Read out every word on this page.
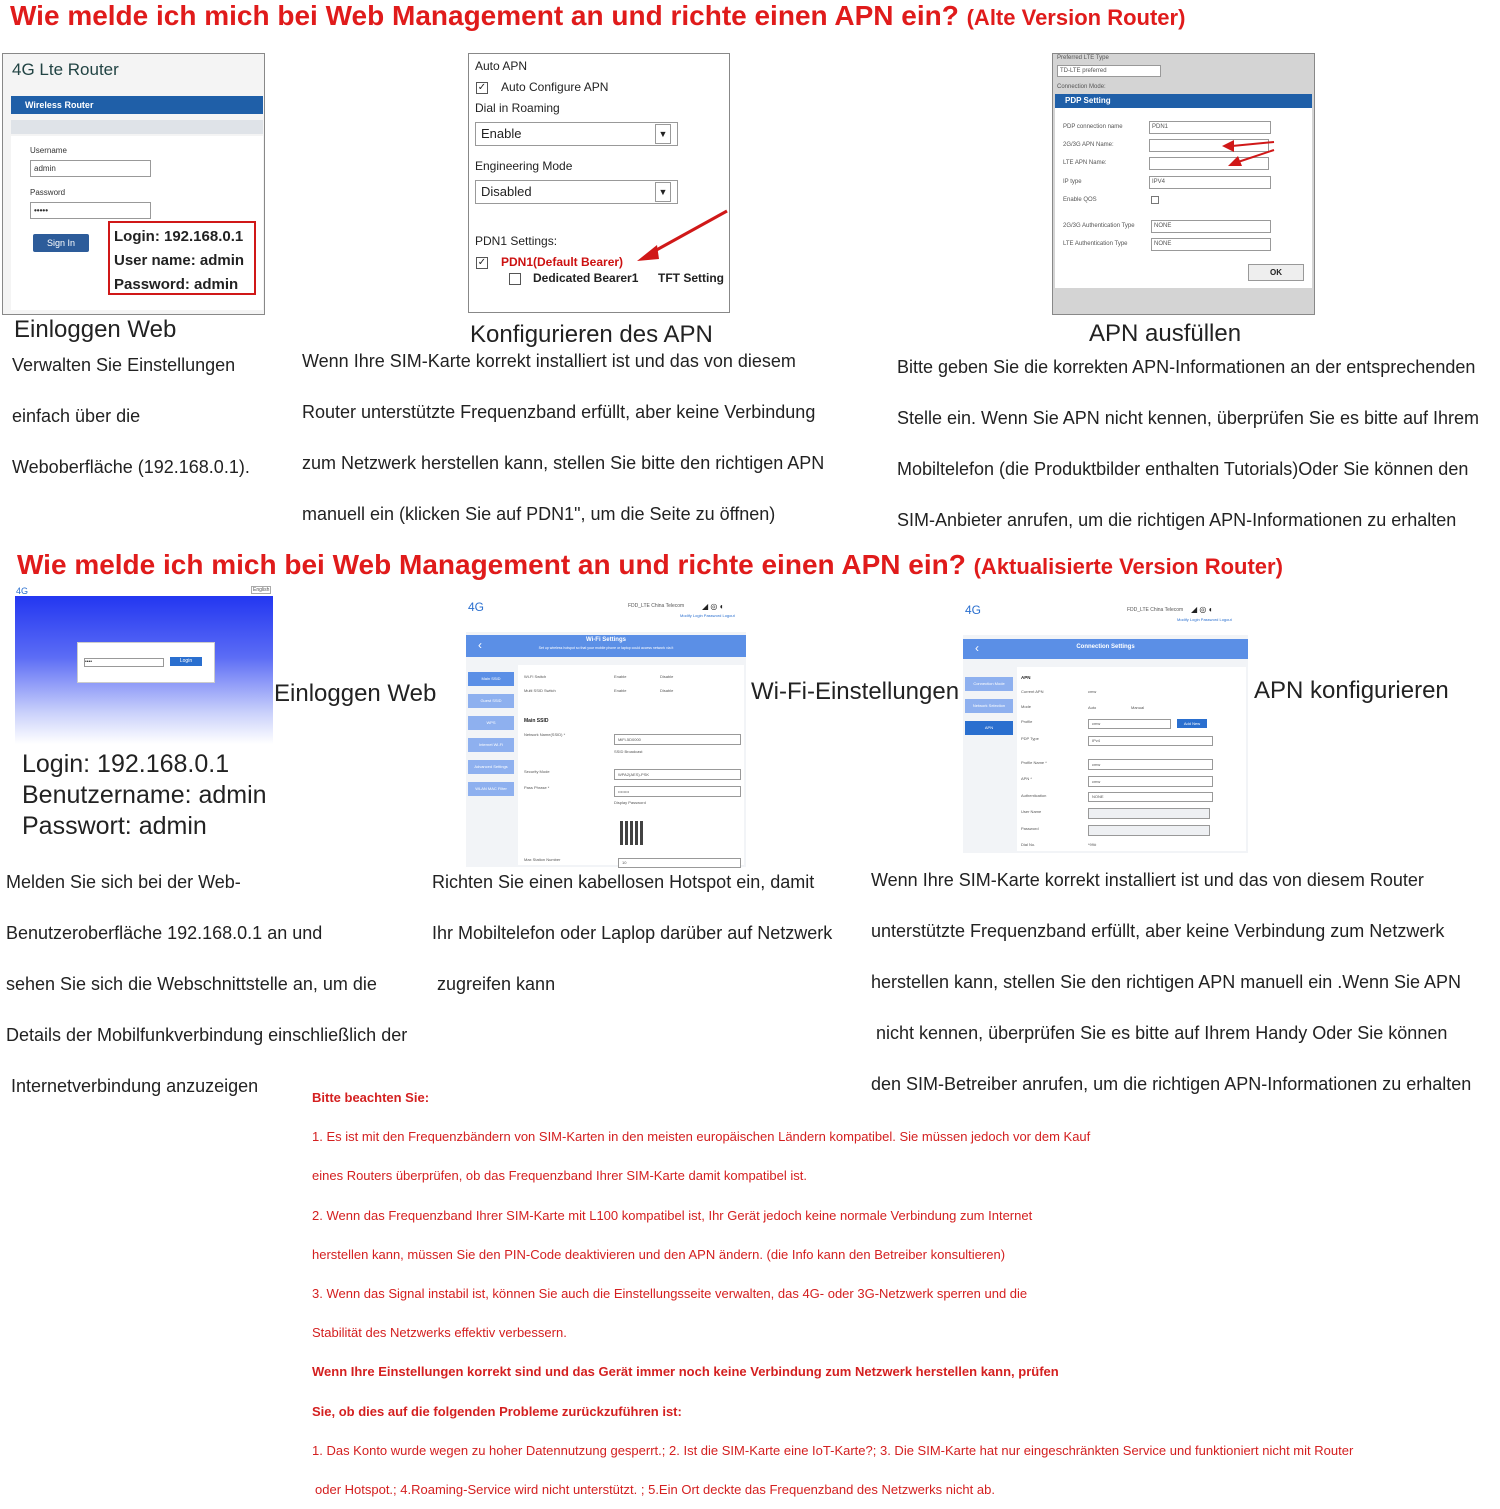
Wie melde ich mich bei Web Management an und richte einen APN ein? (Alte Version Router)
4G Lte Router
Wireless Router
Username
admin
Password
•••••
Sign In	Login: 192.168.0.1
User name: admin
Password: admin
Einloggen Web
Verwalten Sie Einstellungen
einfach über die
Weboberfläche (192.168.0.1).
Auto APN
✓ Auto Configure APN
Dial in Roaming
Enable	▼
Engineering Mode
Disabled	▼
PDN1 Settings:
✓ PDN1(Default Bearer)
Dedicated Bearer1 TFT Setting
Konfigurieren des APN
Wenn Ihre SIM-Karte korrekt installiert ist und das von diesem
Router unterstützte Frequenzband erfüllt, aber keine Verbindung
zum Netzwerk herstellen kann, stellen Sie bitte den richtigen APN
manuell ein (klicken Sie auf PDN1", um die Seite zu öffnen)
Preferred LTE Type
TD-LTE preferred
Connection Mode:
PDP Setting
PDP connection name	PDN1
2G/3G APN Name:
LTE APN Name:
IP type	IPV4
Enable QOS
2G/3G Authentication Type	NONE
LTE Authentication Type	NONE
OK
APN ausfüllen
Bitte geben Sie die korrekten APN-Informationen an der entsprechenden
Stelle ein. Wenn Sie APN nicht kennen, überprüfen Sie es bitte auf Ihrem
Mobiltelefon (die Produktbilder enthalten Tutorials)Oder Sie können den
SIM-Anbieter anrufen, um die richtigen APN-Informationen zu erhalten
Wie melde ich mich bei Web Management an und richte einen APN ein? (Aktualisierte Version Router)
4G	English
••••	Login
Einloggen Web
Login: 192.168.0.1
Benutzername: admin
Passwort: admin
4G	FDD_LTE China Telecom ◢ ◎ ◐
Modify Login Password Logout
‹	Wi-Fi Settings
Set up wireless hotspot so that your mobile phone or laptop could access network via it
Main SSID
Guest SSID
WPS
Internet Wi-Fi
Advanced Settings
WLAN MAC Filter
Wi-Fi Switch	Enable	Disable
Multi SSID Switch	Enable	Disable
Main SSID
Network Name(SSID) *
MiFi-5D0000
SSID Broadcast
Security Mode
WPA2(AES)-PSK
Pass Phrase *
••••••••
Display Password
Max Station Number
10
Wi-Fi-Einstellungen
4G	FDD_LTE China Telecom ◢ ◎ ◐
Modify Login Password Logout
‹	Connection Settings
Connection Mode
Network Selection
APN
APN
Current APN	cmw
Mode	Auto	Manual
Profile	cmw	Add New
PDP Type	IPv4
Profile Name *	cmw
APN *
cmw
Authentication	NONE
User Name
Password
Dial No.	*99#
APN konfigurieren
Melden Sie sich bei der Web-
Benutzeroberfläche 192.168.0.1 an und
sehen Sie sich die Webschnittstelle an, um die
Details der Mobilfunkverbindung einschließlich der
Internetverbindung anzuzeigen
Richten Sie einen kabellosen Hotspot ein, damit
Ihr Mobiltelefon oder Laplop darüber auf Netzwerk
zugreifen kann
Wenn Ihre SIM-Karte korrekt installiert ist und das von diesem Router
unterstützte Frequenzband erfüllt, aber keine Verbindung zum Netzwerk
herstellen kann, stellen Sie den richtigen APN manuell ein .Wenn Sie APN
nicht kennen, überprüfen Sie es bitte auf Ihrem Handy Oder Sie können
den SIM-Betreiber anrufen, um die richtigen APN-Informationen zu erhalten
Bitte beachten Sie:
1. Es ist mit den Frequenzbändern von SIM-Karten in den meisten europäischen Ländern kompatibel. Sie müssen jedoch vor dem Kauf
eines Routers überprüfen, ob das Frequenzband Ihrer SIM-Karte damit kompatibel ist.
2. Wenn das Frequenzband Ihrer SIM-Karte mit L100 kompatibel ist, Ihr Gerät jedoch keine normale Verbindung zum Internet
herstellen kann, müssen Sie den PIN-Code deaktivieren und den APN ändern. (die Info kann den Betreiber konsultieren)
3. Wenn das Signal instabil ist, können Sie auch die Einstellungsseite verwalten, das 4G- oder 3G-Netzwerk sperren und die
Stabilität des Netzwerks effektiv verbessern.
Wenn Ihre Einstellungen korrekt sind und das Gerät immer noch keine Verbindung zum Netzwerk herstellen kann, prüfen
Sie, ob dies auf die folgenden Probleme zurückzuführen ist:
1. Das Konto wurde wegen zu hoher Datennutzung gesperrt.; 2. Ist die SIM-Karte eine IoT-Karte?; 3. Die SIM-Karte hat nur eingeschränkten Service und funktioniert nicht mit Router
oder Hotspot.; 4.Roaming-Service wird nicht unterstützt. ; 5.Ein Ort deckte das Frequenzband des Netzwerks nicht ab.
